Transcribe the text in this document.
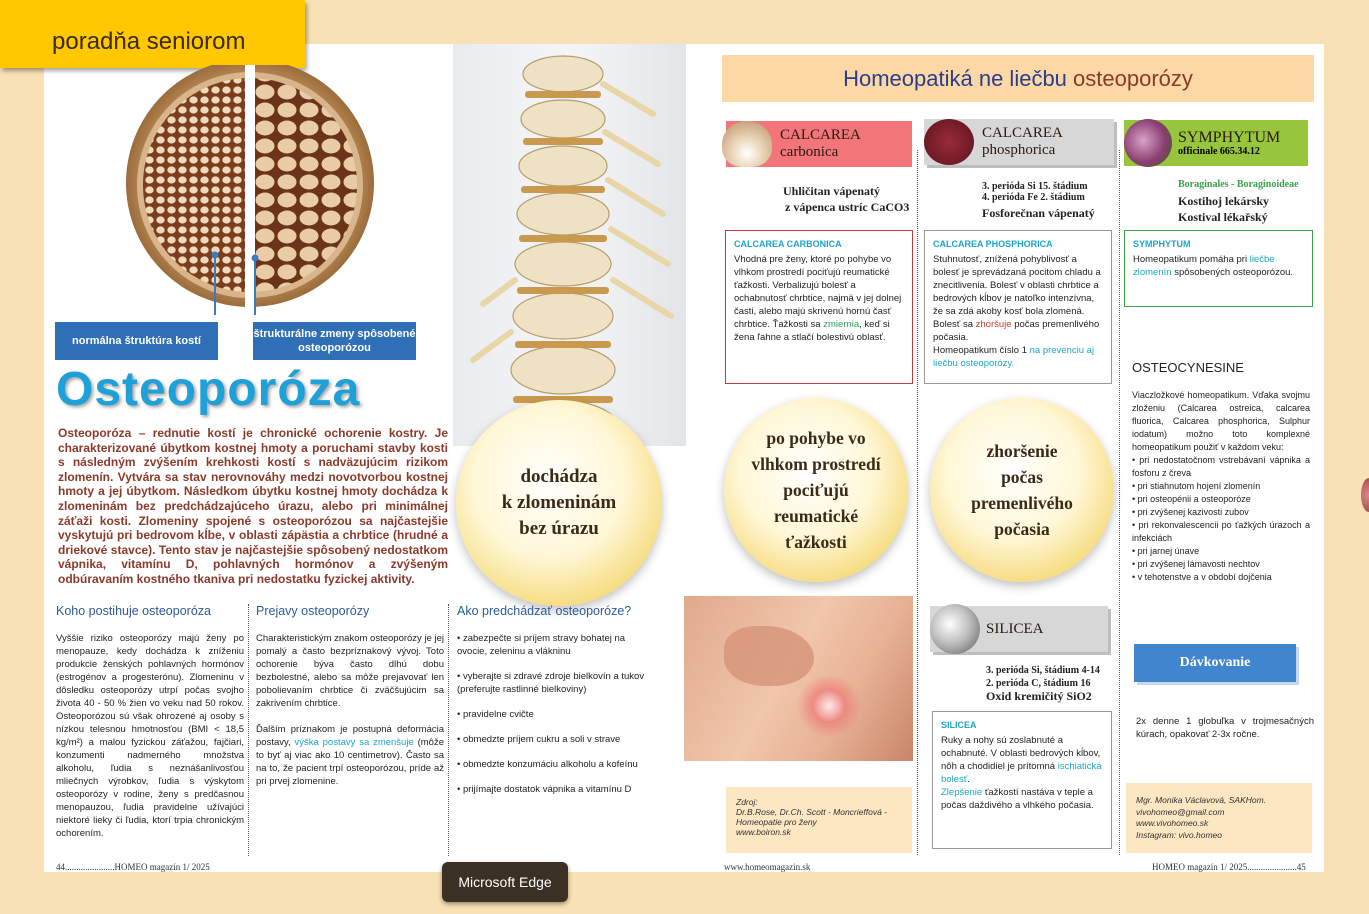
poradňa seniorom
normálna štruktúra kostí
štrukturálne zmeny spôsobené osteoporózou
Osteoporóza
Osteoporóza – rednutie kostí je chronické ochorenie kostry. Je charakterizované úbytkom kostnej hmoty a poruchami stavby kosti s následným zvýšením krehkosti kostí s nadväzujúcim rizikom zlomenín. Vytvára sa stav nerovnováhy medzi novotvorbou kostnej hmoty a jej úbytkom. Následkom úbytku kostnej hmoty dochádza k zlomeninám bez predchádzajúceho úrazu, alebo pri minimálnej záťaži kosti. Zlomeniny spojené s osteoporózou sa najčastejšie vyskytujú pri bedrovom kĺbe, v oblasti zápästia a chrbtice (hrudné a driekové stavce). Tento stav je najčastejšie spôsobený nedostatkom vápnika, vitamínu D, pohlavných hormónov a zvýšeným odbúravaním kostného tkaniva pri nedostatku fyzickej aktivity.
dochádza
k zlomeninám
bez úrazu
Koho postihuje osteoporóza
Vyššie riziko osteoporózy majú ženy po menopauze, kedy dochádza k zníženiu produkcie ženských pohlavných hormónov (estrogénov a progesterónu). Zlomeninu v dôsledku osteoporózy utrpí počas svojho života 40 - 50 % žien vo veku nad 50 rokov. Osteoporózou sú však ohrozené aj osoby s nízkou telesnou hmotnosťou (BMI < 18,5 kg/m²) a malou fyzickou záťažou, fajčiari, konzumenti nadmerného množstva alkoholu, ľudia s neznášanlivosťou mliečnych výrobkov, ľudia s výskytom osteoporózy v rodine, ženy s predčasnou menopauzou, ľudia pravidelne užívajúci niektoré lieky či ľudia, ktorí trpia chronickým ochorením.
Prejavy osteoporózy

Charakteristickým znakom osteoporózy je jej pomalý a často bezpríznakový vývoj. Toto ochorenie býva často dlhú dobu bezbolestné, alebo sa môže prejavovať len pobolievaním chrbtice či zväčšujúcim sa zakrivením chrbtice.

Ďalším príznakom je postupná deformácia postavy, výška postavy sa zmenšuje (môže to byť aj viac ako 10 centimetrov). Často sa na to, že pacient trpí osteoporózou, príde až pri prvej zlomenine.

Ako predchádzať osteoporóze?
• zabezpečte si príjem stravy bohatej na ovocie, zeleninu a vlákninu
• vyberajte si zdravé zdroje bielkovín a tukov (preferujte rastlinné bielkoviny)
• pravidelne cvičte
• obmedzte príjem cukru a soli v strave
• obmedzte konzumáciu alkoholu a kofeínu
• prijímajte dostatok vápnika a vitamínu D
44......................HOMEO magazín 1/ 2025
Homeopatiká ne liečbu osteoporózy
CALCAREA
carbonica
Uhličitan vápenatý
z vápenca ustríc CaCO3
CALCAREA CARBONICA
Vhodná pre ženy, ktoré po pohybe vo vlhkom prostredí pociťujú reumatické ťažkosti. Verbalizujú bolesť a ochabnutosť chrbtice, najmä v jej dolnej časti, alebo majú skrivenú hornú časť chrbtice. Ťažkosti sa zmiernia, keď si žena ľahne a stlačí bolestivú oblasť.
CALCAREA
phosphorica
3. perióda Si 15. štádium
4. perióda Fe 2. štádium
Fosforečnan vápenatý
CALCAREA PHOSPHORICA
Stuhnutosť, znížená pohyblivosť a bolesť je sprevádzaná pocitom chladu a znecitlivenia. Bolesť v oblasti chrbtice a bedrových kĺbov je natoľko intenzívna, že sa zdá akoby kosť bola zlomená. Bolesť sa zhoršuje počas premenlivého počasia.
Homeopatikum číslo 1 na prevenciu aj liečbu osteoporózy.
SYMPHYTUM
officinale 665.34.12
Boraginales - Boraginoideae
Kostihoj lekársky
Kostival lékařský
SYMPHYTUM
Homeopatikum pomáha pri liečbe zlomenín spôsobených osteoporózou.
po pohybe vo
vlhkom prostredí
pociťujú
reumatické
ťažkosti
zhoršenie
počas
premenlivého
počasia
SILICEA
3. perióda Si, štádium 4-14
2. perióda C, štádium 16
Oxid kremičitý SiO2
SILICEA
Ruky a nohy sú zoslabnuté a ochabnuté. V oblasti bedrových kĺbov, nôh a chodidiel je prítomná ischiatická bolesť.
Zlepšenie ťažkostí nastáva v teple a počas daždivého a vlhkého počasia.
Zdroj:
Dr.B.Rose, Dr.Ch. Scott - Moncrieffová -
Homeopatie pro ženy
www.boiron.sk
OSTEOCYNESINE
Viaczložkové homeopatikum. Vďaka svojmu zloženiu (Calcarea ostreica, calcarea fluorica, Calcarea phosphorica, Sulphur iodatum) možno toto komplexné homeopatikum použiť v každom veku:
• pri nedostatočnom vstrebávaní vápnika a fosforu z čreva
• pri stiahnutom hojení zlomenín
• pri osteopénii a osteoporóze
• pri zvýšenej kazivosti zubov
• pri rekonvalescencii po ťažkých úrazoch a infekciách
• pri jarnej únave
• pri zvýšenej lámavosti nechtov
• v tehotenstve a v období dojčenia
Dávkovanie
2x denne 1 globuľka v trojmesačných kúrach, opakovať 2-3x ročne.
Mgr. Monika Václavová, SAKHom.
vivohomeo@gmail.com
www.vivohomeo.sk
Instagram: vivo.homeo
www.homeomagazin.sk	HOMEO magazín 1/ 2025......................45
Microsoft Edge
